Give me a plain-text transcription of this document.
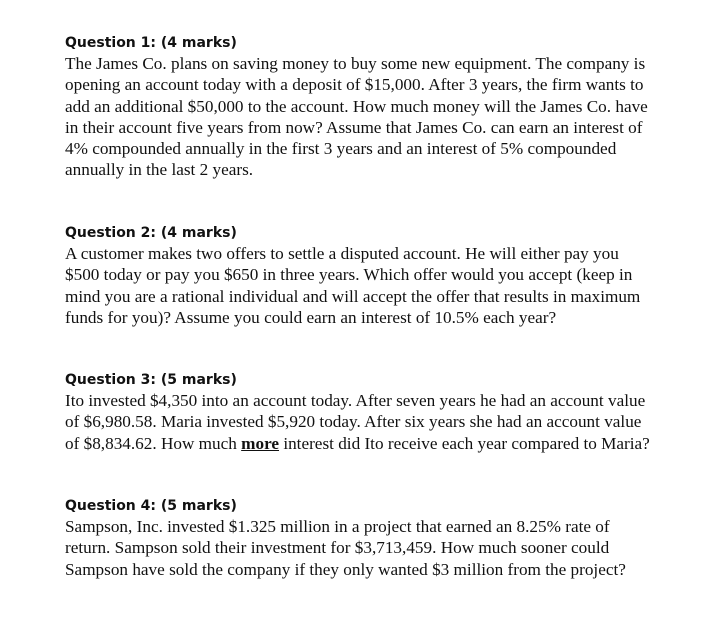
Question 1: (4 marks)
The James Co. plans on saving money to buy some new equipment. The company is opening an account today with a deposit of $15,000. After 3 years, the firm wants to add an additional $50,000 to the account. How much money will the James Co. have in their account five years from now? Assume that James Co. can earn an interest of 4% compounded annually in the first 3 years and an interest of 5% compounded annually in the last 2 years.
Question 2: (4 marks)
A customer makes two offers to settle a disputed account. He will either pay you $500 today or pay you $650 in three years. Which offer would you accept (keep in mind you are a rational individual and will accept the offer that results in maximum funds for you)? Assume you could earn an interest of 10.5% each year?
Question 3: (5 marks)
Ito invested $4,350 into an account today. After seven years he had an account value of $6,980.58. Maria invested $5,920 today. After six years she had an account value of $8,834.62. How much more interest did Ito receive each year compared to Maria?
Question 4: (5 marks)
Sampson, Inc. invested $1.325 million in a project that earned an 8.25% rate of return. Sampson sold their investment for $3,713,459. How much sooner could Sampson have sold the company if they only wanted $3 million from the project?
